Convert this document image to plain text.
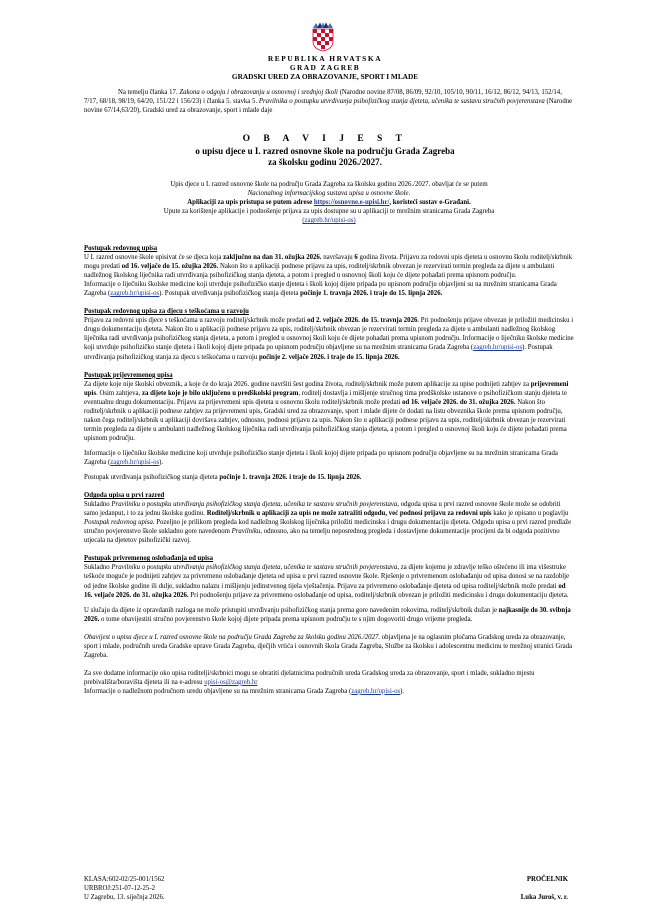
REPUBLIKA HRVATSKA
GRAD ZAGREB
GRADSKI URED ZA OBRAZOVANJE, SPORT I MLADE
Na temelju članka 17. Zakona o odgoju i obrazovanju u osnovnoj i srednjoj školi (Narodne novine 87/08, 86/09, 92/10, 105/10, 90/11, 16/12, 86/12, 94/13, 152/14, 7/17, 68/18, 98/19, 64/20, 151/22 i 156/23) i članka 5. stavka 5. Pravilnika o postupku utvrđivanja psihofizičkog stanja djeteta, učenika te sastavu stručnih povjerenstava (Narodne novine 67/14,63/20), Gradski ured za obrazovanje, sport i mlade daje
O B A V I J E S T
o upisu djece u I. razred osnovne škole na području Grada Zagreba
za školsku godinu 2026./2027.
Upis djece u I. razred osnovne škole na području Grada Zagreba za školsku godinu 2026./2027. obavljat će se putem
Nacionalnog informacijskog sustava upisa u osnovne škole.
Aplikaciji za upis pristupa se putem adrese https://osnovne.e-upisi.hr/, koristeći sustav e-Građani.
Upute za korištenje aplikacije i podnošenje prijava za upis dostupne su u aplikaciji te mrežnim stranicama Grada Zagreba
(zagreb.hr/upisi-os)

Postupak redovnog upisa

U I. razred osnovne škole upisivat će se djeca koja zaključno na dan 31. ožujka 2026. navršavaju 6 godina života. Prijavu za redovni upis djeteta u osnovnu školu roditelj/skrbnik mogu predati od 16. veljače do 15. ožujka 2026. Nakon što u aplikaciji podnese prijavu za upis, roditelj/skrbnik obvezan je rezervirati termin pregleda za dijete u ambulanti nadležnog školskog liječnika radi utvrđivanja psihofizičkog stanja djeteta, a potom i pregled u osnovnoj školi koju će dijete pohađati prema upisnom području.

Informacije o liječniku školske medicine koji utvrđuje psihofizičko stanje djeteta i školi kojoj dijete pripada po upisnom području objavljeni su na mrežnim stranicama Grada Zagreba (zagreb.hr/upisi-os). Postupak utvrđivanja psihofizičkog stanja djeteta počinje 1. travnja 2026. i traje do 15. lipnja 2026.

Postupak redovnog upisa za djecu s teškoćama u razvoju

Prijavu za redovni upis djece s teškoćama u razvoju roditelj/skrbnik može predati od 2. veljače 2026. do 15. travnja 2026. Pri podnošenju prijave obvezan je priložiti medicinsku i drugu dokumentaciju djeteta. Nakon što u aplikaciji podnese prijavu za upis, roditelj/skrbnik obvezan je rezervirati termin pregleda za dijete u ambulanti nadležnog školskog liječnika radi utvrđivanja psihofizičkog stanja djeteta, a potom i pregled u osnovnoj školi koju će dijete pohađati prema upisnom području. Informacije o liječniku školske medicine koji utvrđuje psihofizičko stanje djeteta i školi kojoj dijete pripada po upisnom području objavljene su na mrežnim stranicama Grada Zagreba (zagreb.hr/upisi-os). Postupak utvrđivanja psihofizičkog stanja za djecu s teškoćama u razvoju počinje 2. veljače 2026. i traje do 15. lipnja 2026.

Postupak prijevremenog upisa

Za dijete koje nije školski obveznik, a koje će do kraja 2026. godine navršiti šest godina života, roditelj/skrbnik može putem aplikacije za upise podnijeti zahtjev za prijevremeni upis. Osim zahtjeva, za dijete koje je bilo uključeno u predškolski program, roditelj dostavlja i mišljenje stručnog tima predškolske ustanove o psihofizičkom stanju djeteta te eventualnu drugu dokumentaciju. Prijavu za prijevremeni upis djeteta u osnovnu školu roditelj/skrbnik može predati od 16. veljače 2026. do 31. ožujka 2026. Nakon što roditelj/skrbnik u aplikaciji podnese zahtjev za prijevremeni upis, Gradski ured za obrazovanje, sport i mlade dijete će dodati na listu obveznika škole prema upisnom području, nakon čega roditelj/skrbnik u aplikaciji dovršava zahtjev, odnosno, podnosi prijavu za upis. Nakon što u aplikaciji podnese prijavu za upis, roditelj/skrbnik obvezan je rezervirati termin pregleda za dijete u ambulanti nadležnog školskog liječnika radi utvrđivanja psihofizičkog stanja djeteta, a potom i pregled u osnovnoj školi koju će dijete pohađati prema upisnom području.

Informacije o liječniku školske medicine koji utvrđuje psihofizičko stanje djeteta i školi kojoj dijete pripada po upisnom području objavljene su na mrežnim stranicama Grada Zagreba (zagreb.hr/upisi-os).

Postupak utvrđivanja psihofizičkog stanja djeteta počinje 1. travnja 2026. i traje do 15. lipnja 2026.

Odgoda upisa u prvi razred

Sukladno Pravilniku o postupku utvrđivanja psihofizičkog stanja djeteta, učenika te sastavu stručnih povjerenstava, odgoda upisa u prvi razred osnovne škole može se odobriti samo jedanput, i to za jednu školsku godinu. Roditelj/skrbnik u aplikaciji za upis ne može zatražiti odgodu, već podnosi prijavu za redovni upis kako je opisano u poglavlju Postupak redovnog upisa. Pozeljno je prilikom pregleda kod nadležnog školskog liječnika priložiti medicinsku i drugu dokumentaciju djeteta. Odgodu upisa u prvi razred predlaže stručno povjerenstvo škole sukladno gore navedenom Pravilniku, odnosno, ako na temelju neposrednog pregleda i dostavljene dokumentacije procijeni da bi odgoda pozitivno utjecala na djetetov psihofizički razvoj.

Postupak privremenog oslobađanja od upisa

Sukladno Pravilniku o postupku utvrđivanja psihofizičkog stanja djeteta, učenika te sastavu stručnih povjerenstava, za dijete kojemu je zdravlje teško oštećeno ili ima višestruke teškoće moguće je podnijeti zahtjev za privremeno oslobađanje djeteta od upisa u prvi razred osnovne škole. Rješenje o privremenom oslobađanju od upisa donosi se na razdoblje od jedne školske godine ili dulje, sukladno nalazu i mišljenju jedinstvenog tijela vještačenja. Prijavu za privremeno oslobađanje djeteta od upisa roditelj/skrbnik može predati od 16. veljače 2026. do 31. ožujka 2026. Pri podnošenju prijave za privremeno oslobađanje od upisa, roditelj/skrbnik obvezan je priložiti medicinsku i drugu dokumentaciju djeteta.

U slučaju da dijete iz opravdanih razloga ne može pristupiti utvrđivanju psihofizičkog stanja prema gore navedenim rokovima, roditelj/skrbnik dužan je najkasnije do 30. svibnja 2026. o tome obavijestiti stručno povjerenstvo škole kojoj dijete pripada prema upisnom području te s njim dogovoriti drugo vrijeme pregleda.

Obavijest o upisu djece u I. razred osnovne škole na području Grada Zagreba za školsku godinu 2026./2027. objavljena je na oglasnim pločama Gradskog ureda za obrazovanje, sport i mlade, područnih ureda Gradske uprave Grada Zagreba, dječjih vrtića i osnovnih škola Grada Zagreba, Službe za školsku i adolescentnu medicinu te mrežnoj stranici Grada Zagreba.

Za sve dodatne informacije oko upisa roditelji/skrbnici mogu se obratiti djelatnicima područnih ureda Gradskog ureda za obrazovanje, sport i mlade, sukladno mjestu prebivališta/boravišta djeteta ili na e-adresu upisi-os@zagreb.hr

Informacije o nadležnom područnom uredu objavljene su na mrežnim stranicama Grada Zagreba (zagreb.hr/upisi-os).

KLASA:602-02/25-001/1562
URBROJ:251-07-12-25-2
U Zagrebu, 13. siječnja 2026.
PROČELNIK
Luka Juroš, v. r.
